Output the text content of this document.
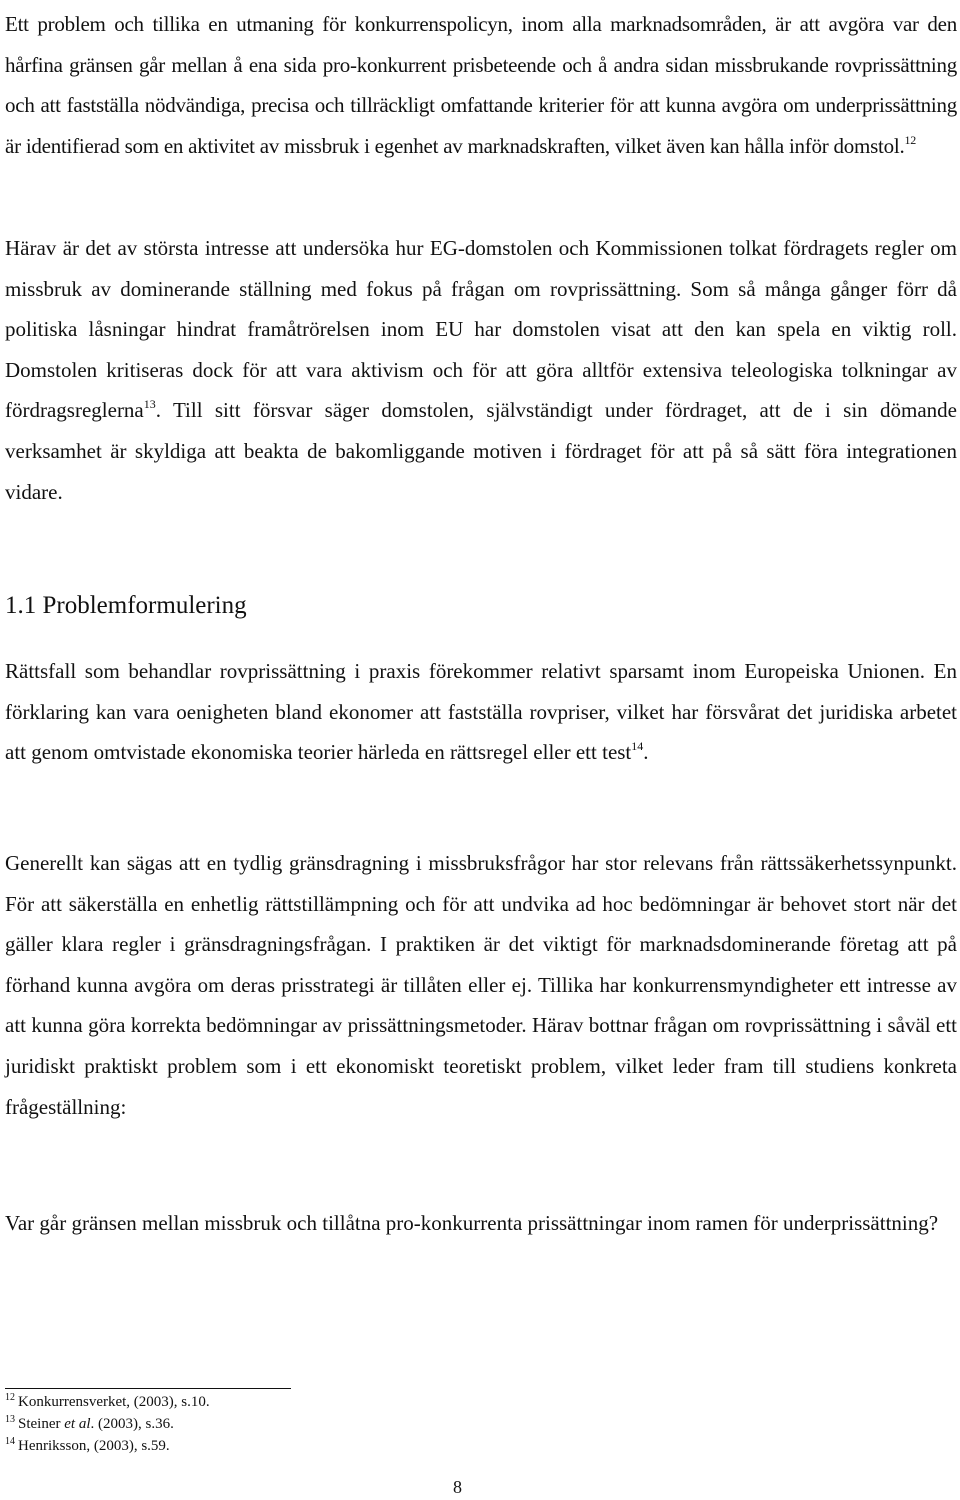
Ett problem och tillika en utmaning för konkurrenspolicyn, inom alla marknadsområden, är att avgöra var den hårfina gränsen går mellan å ena sida pro-konkurrent prisbeteende och å andra sidan missbrukande rovprissättning och att fastställa nödvändiga, precisa och tillräckligt omfattande kriterier för att kunna avgöra om underprissättning är identifierad som en aktivitet av missbruk i egenhet av marknadskraften, vilket även kan hålla inför domstol.$^{12}$

Härav är det av största intresse att undersöka hur EG-domstolen och Kommissionen tolkat fördragets regler om missbruk av dominerande ställning med fokus på frågan om rovprissättning. Som så många gånger förr då politiska låsningar hindrat framåtrörelsen inom EU har domstolen visat att den kan spela en viktig roll. Domstolen kritiseras dock för att vara aktivism och för att göra alltför extensiva teleologiska tolkningar av fördragsreglerna$^{13}$. Till sitt försvar säger domstolen, självständigt under fördraget, att de i sin dömande verksamhet är skyldiga att beakta de bakomliggande motiven i fördraget för att på så sätt föra integrationen vidare.

1.1 Problemformulering

Rättsfall som behandlar rovprissättning i praxis förekommer relativt sparsamt inom Europeiska Unionen. En förklaring kan vara oenigheten bland ekonomer att fastställa rovpriser, vilket har försvårat det juridiska arbetet att genom omtvistade ekonomiska teorier härleda en rättsregel eller ett test$^{14}$.

Generellt kan sägas att en tydlig gränsdragning i missbruksfrågor har stor relevans från rättssäkerhetssynpunkt. För att säkerställa en enhetlig rättstillämpning och för att undvika ad hoc bedömningar är behovet stort när det gäller klara regler i gränsdragningsfrågan. I praktiken är det viktigt för marknadsdominerande företag att på förhand kunna avgöra om deras prisstrategi är tillåten eller ej. Tillika har konkurrensmyndigheter ett intresse av att kunna göra korrekta bedömningar av prissättningsmetoder. Härav bottnar frågan om rovprissättning i såväl ett juridiskt praktiskt problem som i ett ekonomiskt teoretiskt problem, vilket leder fram till studiens konkreta frågeställning:

Var går gränsen mellan missbruk och tillåtna pro-konkurrenta prissättningar inom ramen för underprissättning?

$^{12}$ Konkurrensverket, (2003), s.10.
$^{13}$ Steiner et al. (2003), s.36.
$^{14}$ Henriksson, (2003), s.59.
8
